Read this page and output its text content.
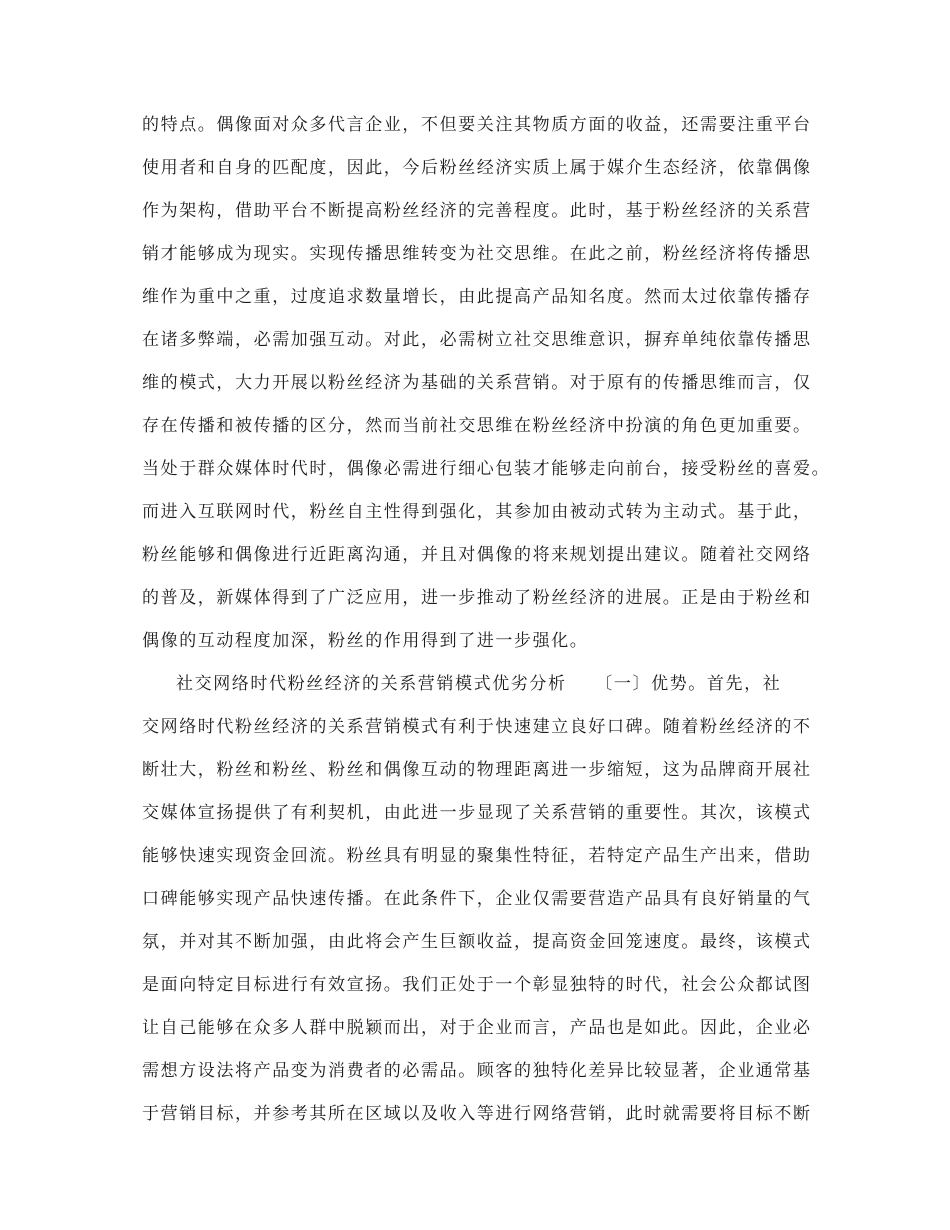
的特点。偶像面对众多代言企业，不但要关注其物质方面的收益，还需要注重平台
使用者和自身的匹配度，因此，今后粉丝经济实质上属于媒介生态经济，依靠偶像
作为架构，借助平台不断提高粉丝经济的完善程度。此时，基于粉丝经济的关系营
销才能够成为现实。实现传播思维转变为社交思维。在此之前，粉丝经济将传播思
维作为重中之重，过度追求数量增长，由此提高产品知名度。然而太过依靠传播存
在诸多弊端，必需加强互动。对此，必需树立社交思维意识，摒弃单纯依靠传播思
维的模式，大力开展以粉丝经济为基础的关系营销。对于原有的传播思维而言，仅
存在传播和被传播的区分，然而当前社交思维在粉丝经济中扮演的角色更加重要。
当处于群众媒体时代时，偶像必需进行细心包装才能够走向前台，接受粉丝的喜爱。
而进入互联网时代，粉丝自主性得到强化，其参加由被动式转为主动式。基于此，
粉丝能够和偶像进行近距离沟通，并且对偶像的将来规划提出建议。随着社交网络
的普及，新媒体得到了广泛应用，进一步推动了粉丝经济的进展。正是由于粉丝和
偶像的互动程度加深，粉丝的作用得到了进一步强化。
社交网络时代粉丝经济的关系营销模式优劣分析　　〔一〕优势。首先，社
交网络时代粉丝经济的关系营销模式有利于快速建立良好口碑。随着粉丝经济的不
断壮大，粉丝和粉丝、粉丝和偶像互动的物理距离进一步缩短，这为品牌商开展社
交媒体宣扬提供了有利契机，由此进一步显现了关系营销的重要性。其次，该模式
能够快速实现资金回流。粉丝具有明显的聚集性特征，若特定产品生产出来，借助
口碑能够实现产品快速传播。在此条件下，企业仅需要营造产品具有良好销量的气
氛，并对其不断加强，由此将会产生巨额收益，提高资金回笼速度。最终，该模式
是面向特定目标进行有效宣扬。我们正处于一个彰显独特的时代，社会公众都试图
让自己能够在众多人群中脱颖而出，对于企业而言，产品也是如此。因此，企业必
需想方设法将产品变为消费者的必需品。顾客的独特化差异比较显著，企业通常基
于营销目标，并参考其所在区域以及收入等进行网络营销，此时就需要将目标不断
